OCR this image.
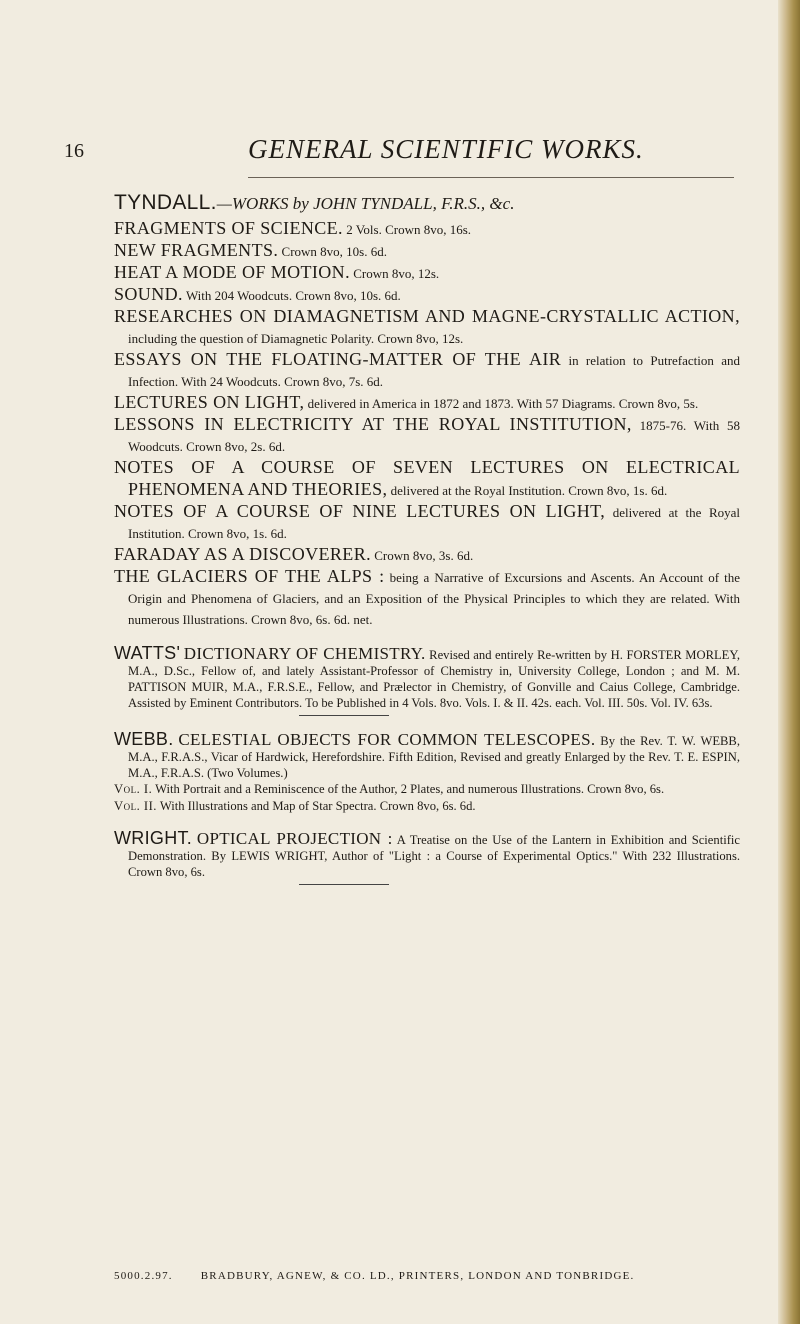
16	GENERAL SCIENTIFIC WORKS.
TYNDALL.—WORKS by JOHN TYNDALL, F.R.S., &c.
FRAGMENTS OF SCIENCE. 2 Vols. Crown 8vo, 16s.
NEW FRAGMENTS. Crown 8vo, 10s. 6d.
HEAT A MODE OF MOTION. Crown 8vo, 12s.
SOUND. With 204 Woodcuts. Crown 8vo, 10s. 6d.
RESEARCHES ON DIAMAGNETISM AND MAGNE-CRYSTALLIC ACTION, including the question of Diamagnetic Polarity. Crown 8vo, 12s.
ESSAYS ON THE FLOATING-MATTER OF THE AIR in relation to Putrefaction and Infection. With 24 Woodcuts. Crown 8vo, 7s. 6d.
LECTURES ON LIGHT, delivered in America in 1872 and 1873. With 57 Diagrams. Crown 8vo, 5s.
LESSONS IN ELECTRICITY AT THE ROYAL INSTITUTION, 1875-76. With 58 Woodcuts. Crown 8vo, 2s. 6d.
NOTES OF A COURSE OF SEVEN LECTURES ON ELECTRICAL PHENOMENA AND THEORIES, delivered at the Royal Institution. Crown 8vo, 1s. 6d.
NOTES OF A COURSE OF NINE LECTURES ON LIGHT, delivered at the Royal Institution. Crown 8vo, 1s. 6d.
FARADAY AS A DISCOVERER. Crown 8vo, 3s. 6d.
THE GLACIERS OF THE ALPS : being a Narrative of Excursions and Ascents. An Account of the Origin and Phenomena of Glaciers, and an Exposition of the Physical Principles to which they are related. With numerous Illustrations. Crown 8vo, 6s. 6d. net.
WATTS' DICTIONARY OF CHEMISTRY. Revised and entirely Re-written by H. FORSTER MORLEY, M.A., D.Sc., Fellow of, and lately Assistant-Professor of Chemistry in, University College, London ; and M. M. PATTISON MUIR, M.A., F.R.S.E., Fellow, and Prælector in Chemistry, of Gonville and Caius College, Cambridge. Assisted by Eminent Contributors. To be Published in 4 Vols. 8vo. Vols. I. & II. 42s. each. Vol. III. 50s. Vol. IV. 63s.
WEBB. CELESTIAL OBJECTS FOR COMMON TELESCOPES. By the Rev. T. W. WEBB, M.A., F.R.A.S., Vicar of Hardwick, Herefordshire. Fifth Edition, Revised and greatly Enlarged by the Rev. T. E. ESPIN, M.A., F.R.A.S. (Two Volumes.)
Vol. I. With Portrait and a Reminiscence of the Author, 2 Plates, and numerous Illustrations. Crown 8vo, 6s.
Vol. II. With Illustrations and Map of Star Spectra. Crown 8vo, 6s. 6d.
WRIGHT. OPTICAL PROJECTION : A Treatise on the Use of the Lantern in Exhibition and Scientific Demonstration. By LEWIS WRIGHT, Author of "Light : a Course of Experimental Optics." With 232 Illustrations. Crown 8vo, 6s.
5000.2.97.	BRADBURY, AGNEW, & CO. LD., PRINTERS, LONDON AND TONBRIDGE.
